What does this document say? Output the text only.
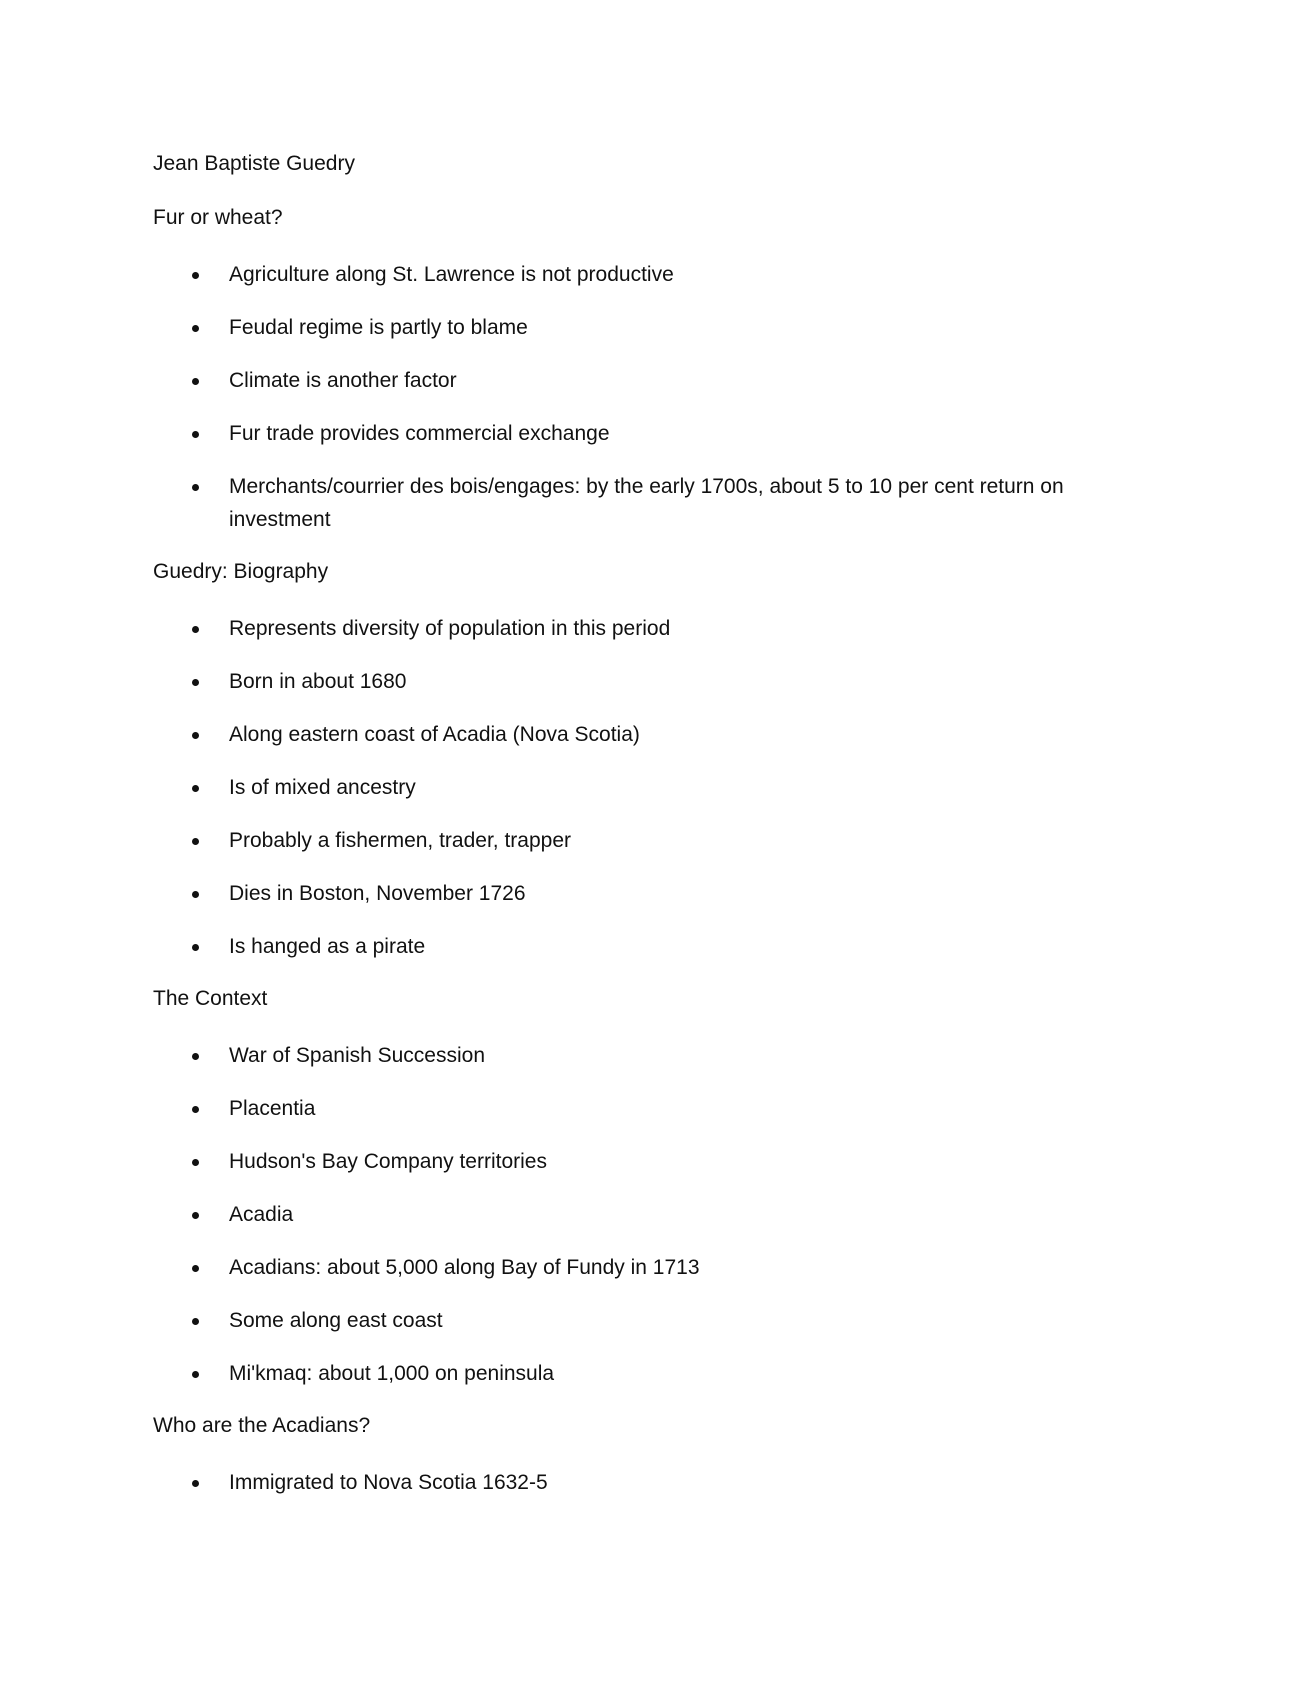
Jean Baptiste Guedry
Fur or wheat?
Agriculture along St. Lawrence is not productive
Feudal regime is partly to blame
Climate is another factor
Fur trade provides commercial exchange
Merchants/courrier des bois/engages: by the early 1700s, about 5 to 10 per cent return on investment
Guedry: Biography
Represents diversity of population in this period
Born in about 1680
Along eastern coast of Acadia (Nova Scotia)
Is of mixed ancestry
Probably a fishermen, trader, trapper
Dies in Boston, November 1726
Is hanged as a pirate
The Context
War of Spanish Succession
Placentia
Hudson's Bay Company territories
Acadia
Acadians: about 5,000 along Bay of Fundy in 1713
Some along east coast
Mi'kmaq: about 1,000 on peninsula
Who are the Acadians?
Immigrated to Nova Scotia 1632-5
